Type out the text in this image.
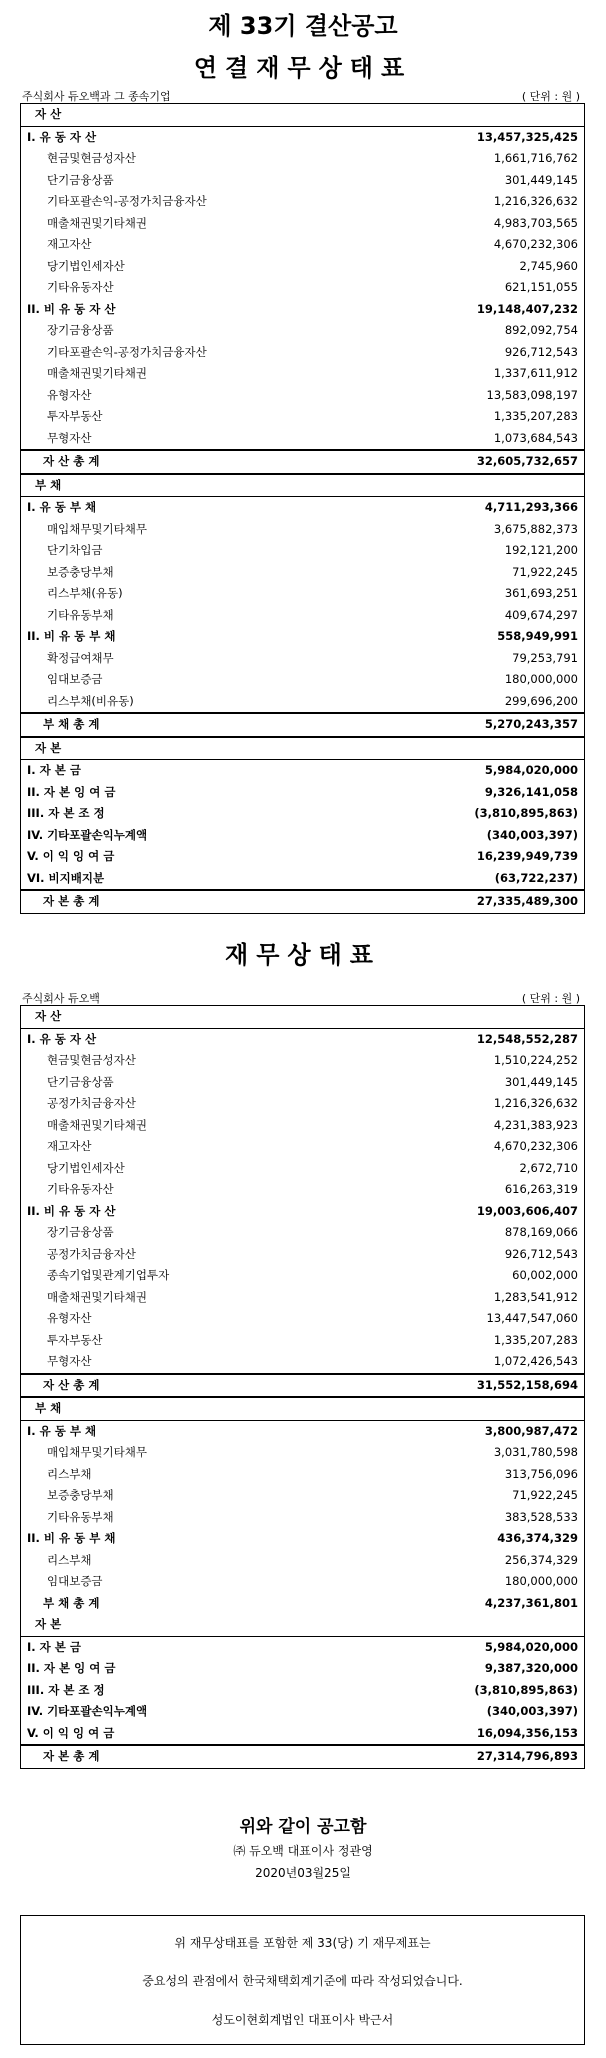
제 33기 결산공고
연결재무상태표
주식회사 듀오백과 그 종속기업	( 단위 : 원 )
자 산
I. 유 동 자 산	13,457,325,425
현금및현금성자산	1,661,716,762
단기금융상품	301,449,145
기타포괄손익-공정가치금융자산	1,216,326,632
매출채권및기타채권	4,983,703,565
재고자산	4,670,232,306
당기법인세자산	2,745,960
기타유동자산	621,151,055
II. 비 유 동 자 산	19,148,407,232
장기금융상품	892,092,754
기타포괄손익-공정가치금융자산	926,712,543
매출채권및기타채권	1,337,611,912
유형자산	13,583,098,197
투자부동산	1,335,207,283
무형자산	1,073,684,543
자 산 총 계	32,605,732,657
부 채
I. 유 동 부 채	4,711,293,366
매입채무및기타채무	3,675,882,373
단기차입금	192,121,200
보증충당부채	71,922,245
리스부채(유동)	361,693,251
기타유동부채	409,674,297
II. 비 유 동 부 채	558,949,991
확정급여채무	79,253,791
임대보증금	180,000,000
리스부채(비유동)	299,696,200
부 채 총 계	5,270,243,357
자 본
I. 자 본 금	5,984,020,000
II. 자 본 잉 여 금	9,326,141,058
III. 자 본 조 정	(3,810,895,863)
IV. 기타포괄손익누계액	(340,003,397)
V. 이 익 잉 여 금	16,239,949,739
VI. 비지배지분	(63,722,237)
자 본 총 계	27,335,489,300
재무상태표
주식회사 듀오백	( 단위 : 원 )
자 산
I. 유 동 자 산	12,548,552,287
현금및현금성자산	1,510,224,252
단기금융상품	301,449,145
공정가치금융자산	1,216,326,632
매출채권및기타채권	4,231,383,923
재고자산	4,670,232,306
당기법인세자산	2,672,710
기타유동자산	616,263,319
II. 비 유 동 자 산	19,003,606,407
장기금융상품	878,169,066
공정가치금융자산	926,712,543
종속기업및관계기업투자	60,002,000
매출채권및기타채권	1,283,541,912
유형자산	13,447,547,060
투자부동산	1,335,207,283
무형자산	1,072,426,543
자 산 총 계	31,552,158,694
부 채
I. 유 동 부 채	3,800,987,472
매입채무및기타채무	3,031,780,598
리스부채	313,756,096
보증충당부채	71,922,245
기타유동부채	383,528,533
II. 비 유 동 부 채	436,374,329
리스부채	256,374,329
임대보증금	180,000,000
부 채 총 계	4,237,361,801
자 본
I. 자 본 금	5,984,020,000
II. 자 본 잉 여 금	9,387,320,000
III. 자 본 조 정	(3,810,895,863)
IV. 기타포괄손익누계액	(340,003,397)
V. 이 익 잉 여 금	16,094,356,153
자 본 총 계	27,314,796,893
위와 같이 공고함
㈜ 듀오백 대표이사 정관영
2020년03월25일
위 재무상태표를 포함한 제 33(당) 기 재무제표는
중요성의 관점에서 한국채택회계기준에 따라 작성되었습니다.
성도이현회계법인 대표이사 박근서
